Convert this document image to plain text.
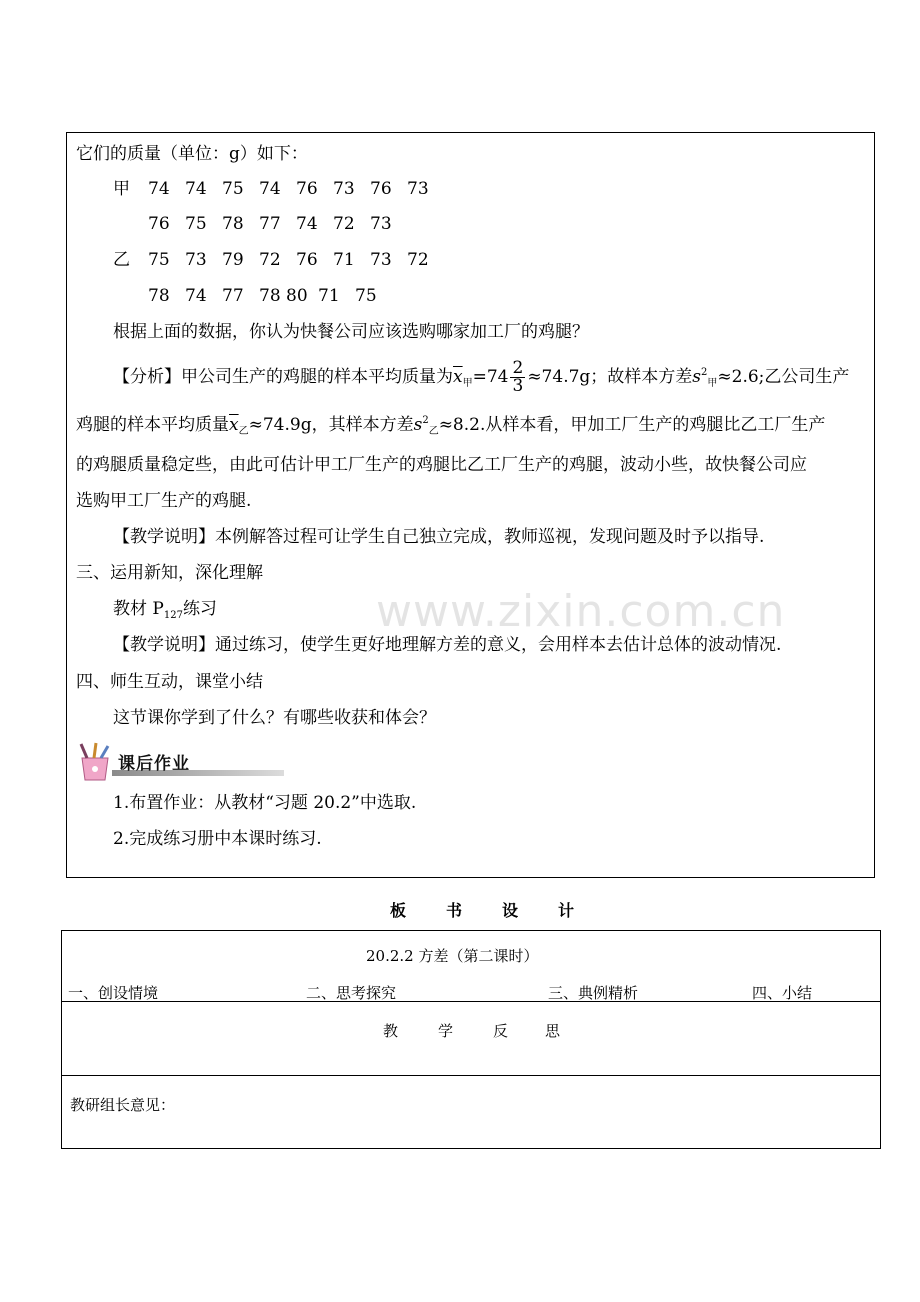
它们的质量（单位：g）如下：
甲 74 74 75 74 76 73 76 73
76 75 78 77 74 72 73
乙 75 73 79 72 76 71 73 72
78 74 77 78 80 71 75
根据上面的数据，你认为快餐公司应该选购哪家加工厂的鸡腿？
【分析】甲公司生产的鸡腿的样本平均质量为$\overline{x}_甲=74 \frac{2}{3} \approx 74.7g$；故样本方差$s^2_甲\approx 2.6$;乙公司生产
鸡腿的样本平均质量$\overline{x}_乙\approx 74.9g$，其样本方差$s^2_乙\approx 8.2$.从样本看，甲加工厂生产的鸡腿比乙工厂生产
的鸡腿质量稳定些，由此可估计甲工厂生产的鸡腿比乙工厂生产的鸡腿，波动小些，故快餐公司应
选购甲工厂生产的鸡腿.
【教学说明】本例解答过程可让学生自己独立完成，教师巡视，发现问题及时予以指导.
三、运用新知，深化理解
教材 $P_{127}$练习
【教学说明】通过练习，使学生更好地理解方差的意义，会用样本去估计总体的波动情况.
四、师生互动，课堂小结
这节课你学到了什么？有哪些收获和体会？
课后作业
1.布置作业：从教材“习题 20.2”中选取.
2.完成练习册中本课时练习.
www.zixin.com.cn
板	书	设	计
20.2.2 方差（第二课时）
一、创设情境	二、思考探究	三、典例精析	四、小结
教	学	反 思
教研组长意见：
